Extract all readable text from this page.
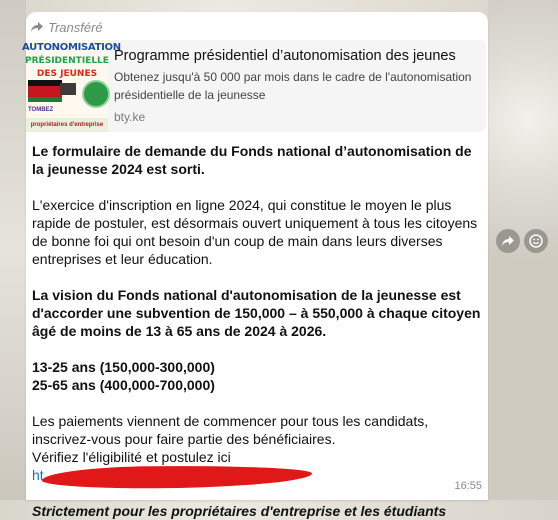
Transféré
AUTONOMISATION
PRÉSIDENTIELLE
DES JEUNES
TOMBEZ
propriétaires d'entreprise
Programme présidentiel d’autonomisation des jeunes
Obtenez jusqu'à 50 000 par mois dans le cadre de l'autonomisation présidentielle de la jeunesse
bty.ke

Le formulaire de demande du Fonds national d’autonomisation de la jeunesse 2024 est sorti.

L'exercice d'inscription en ligne 2024, qui constitue le moyen le plus rapide de postuler, est désormais ouvert uniquement à tous les citoyens de bonne foi qui ont besoin d'un coup de main dans leurs diverses entreprises et leur éducation.

La vision du Fonds national d'autonomisation de la jeunesse est d'accorder une subvention de 150,000 – à 550,000 à chaque citoyen âgé de moins de 13 à 65 ans de 2024 à 2026.

13-25 ans (150,000-300,000)

25-65 ans (400,000-700,000)

Les paiements viennent de commencer pour tous les candidats, inscrivez-vous pour faire partie des bénéficiaires.

Vérifiez l'éligibilité et postulez ici

ht

Strictement pour les propriétaires d'entreprise et les étudiants

16:55
